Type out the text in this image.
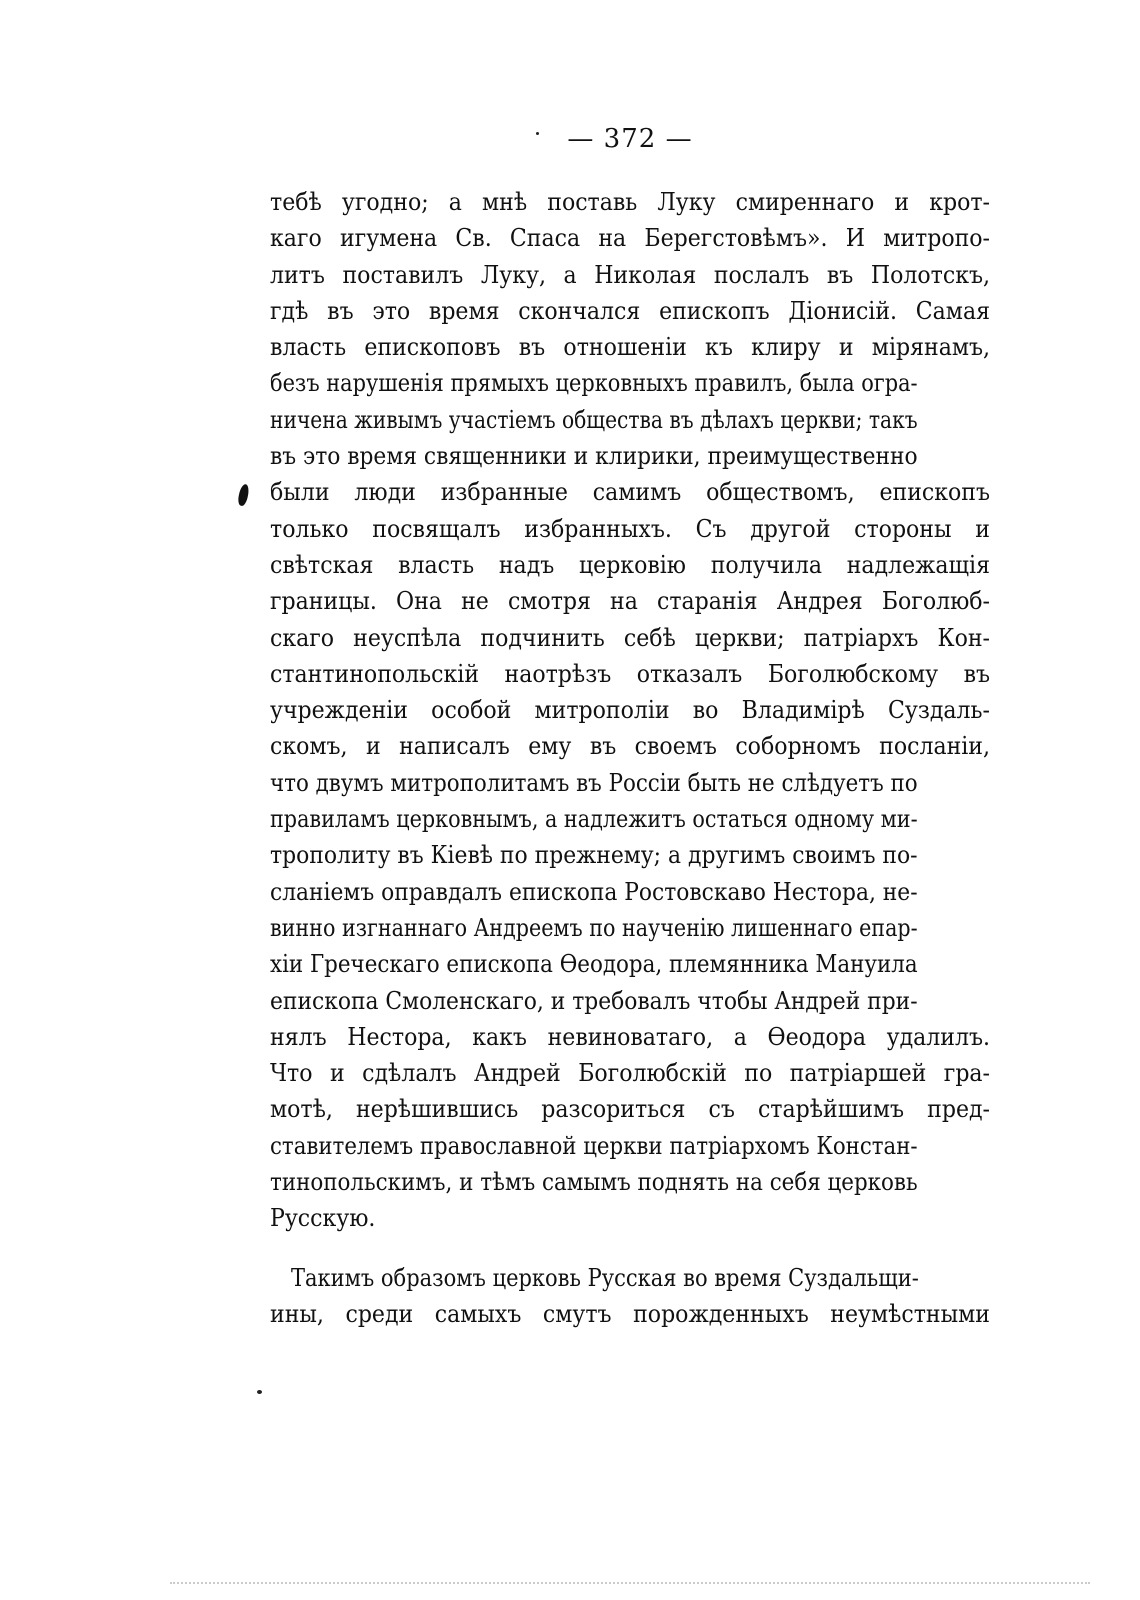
— 372 —
тебѣ угодно; а мнѣ поставь Луку смиреннаго и крот-
каго игумена Св. Спаса на Берегстовѣмъ». И митропо-
литъ поставилъ Луку, а Николая послалъ въ Полотскъ,
гдѣ въ это время скончался епископъ Діонисій. Самая
власть епископовъ въ отношеніи къ клиру и мірянамъ,
безъ нарушенія прямыхъ церковныхъ правилъ, была огра-
ничена живымъ участіемъ общества въ дѣлахъ церкви; такъ
въ это время священники и клирики, преимущественно
были люди избранные самимъ обществомъ, епископъ
только посвящалъ избранныхъ. Съ другой стороны и
свѣтская власть надъ церковію получила надлежащія
границы. Она не смотря на старанія Андрея Боголюб-
скаго неуспѣла подчинить себѣ церкви; патріархъ Кон-
стантинопольскій наотрѣзъ отказалъ Боголюбскому въ
учрежденіи особой митрополіи во Владимірѣ Суздаль-
скомъ, и написалъ ему въ своемъ соборномъ посланіи,
что двумъ митрополитамъ въ Россіи быть не слѣдуетъ по
правиламъ церковнымъ, а надлежитъ остаться одному ми-
трополиту въ Кіевѣ по прежнему; а другимъ своимъ по-
сланіемъ оправдалъ епископа Ростовскаво Нестора, не-
винно изгнаннаго Андреемъ по наученію лишеннаго епар-
хіи Греческаго епископа Ѳеодора, племянника Мануила
епископа Смоленскаго, и требовалъ чтобы Андрей при-
нялъ Нестора, какъ невиноватаго, а Ѳеодора удалилъ.
Что и сдѣлалъ Андрей Боголюбскій по патріаршей гра-
мотѣ, нерѣшившись разсориться съ старѣйшимъ пред-
ставителемъ православной церкви патріархомъ Констан-
тинопольскимъ, и тѣмъ самымъ поднять на себя церковь
Русскую.
Такимъ образомъ церковь Русская во время Суздальщи-
ины, среди самыхъ смутъ порожденныхъ неумѣстными
